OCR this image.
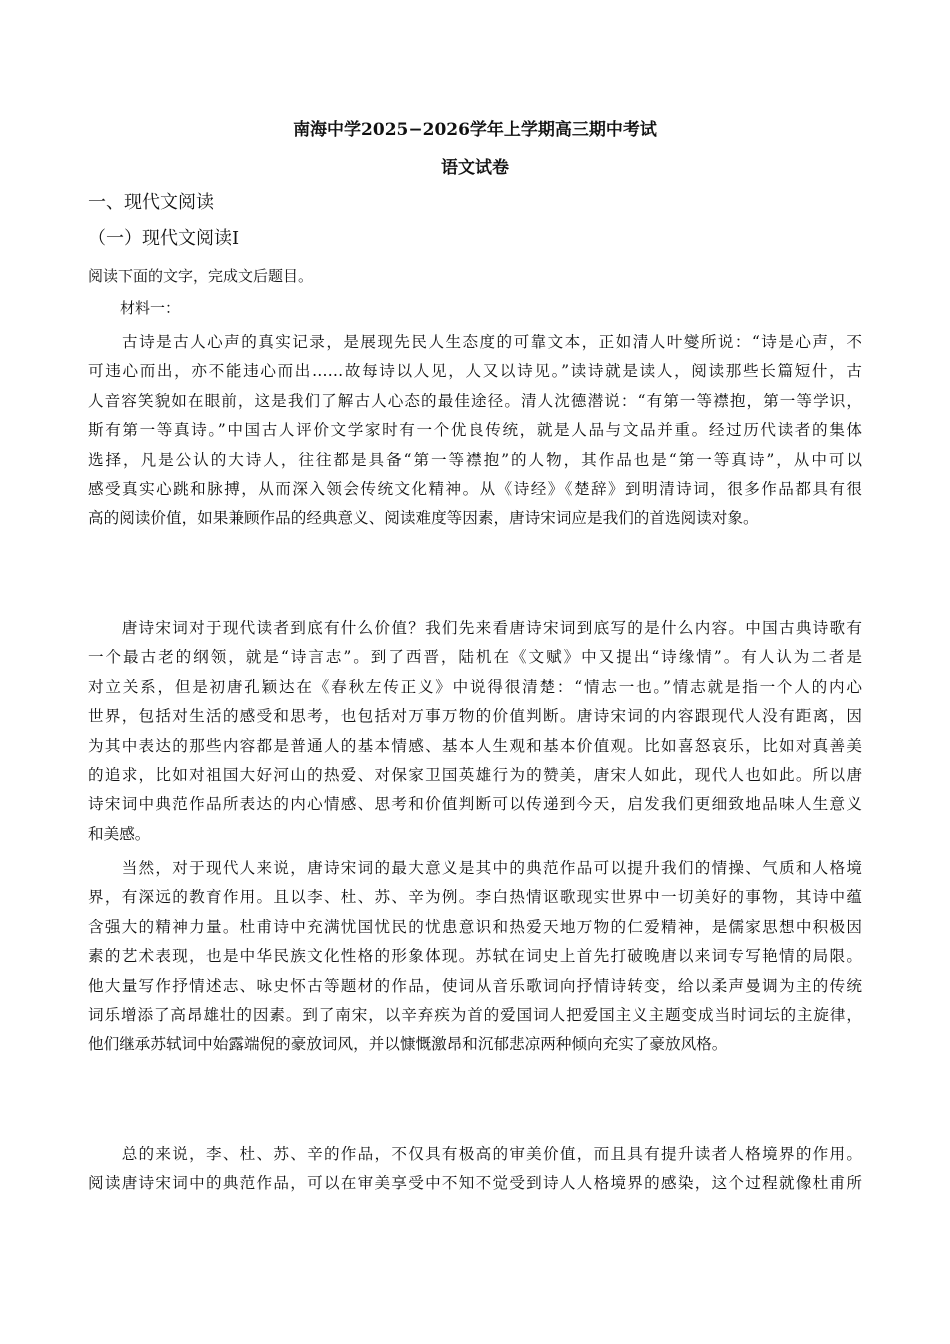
南海中学2025−2026学年上学期高三期中考试
语文试卷
一、现代文阅读
（一）现代文阅读Ⅰ
阅读下面的文字，完成文后题目。
材料一：
　　古诗是古人心声的真实记录，是展现先民人生态度的可靠文本，正如清人叶燮所说：“诗是心声，不
可违心而出，亦不能违心而出……故每诗以人见，人又以诗见。”读诗就是读人，阅读那些长篇短什，古
人音容笑貌如在眼前，这是我们了解古人心态的最佳途径。清人沈德潜说：“有第一等襟抱，第一等学识，
斯有第一等真诗。”中国古人评价文学家时有一个优良传统，就是人品与文品并重。经过历代读者的集体
选择，凡是公认的大诗人，往往都是具备“第一等襟抱”的人物，其作品也是“第一等真诗”，从中可以
感受真实心跳和脉搏，从而深入领会传统文化精神。从《诗经》《楚辞》到明清诗词，很多作品都具有很
高的阅读价值，如果兼顾作品的经典意义、阅读难度等因素，唐诗宋词应是我们的首选阅读对象。
　　唐诗宋词对于现代读者到底有什么价值？我们先来看唐诗宋词到底写的是什么内容。中国古典诗歌有
一个最古老的纲领，就是“诗言志”。到了西晋，陆机在《文赋》中又提出“诗缘情”。有人认为二者是
对立关系，但是初唐孔颖达在《春秋左传正义》中说得很清楚：“情志一也。”情志就是指一个人的内心
世界，包括对生活的感受和思考，也包括对万事万物的价值判断。唐诗宋词的内容跟现代人没有距离，因
为其中表达的那些内容都是普通人的基本情感、基本人生观和基本价值观。比如喜怒哀乐，比如对真善美
的追求，比如对祖国大好河山的热爱、对保家卫国英雄行为的赞美，唐宋人如此，现代人也如此。所以唐
诗宋词中典范作品所表达的内心情感、思考和价值判断可以传递到今天，启发我们更细致地品味人生意义
和美感。
　　当然，对于现代人来说，唐诗宋词的最大意义是其中的典范作品可以提升我们的情操、气质和人格境
界，有深远的教育作用。且以李、杜、苏、辛为例。李白热情讴歌现实世界中一切美好的事物，其诗中蕴
含强大的精神力量。杜甫诗中充满忧国忧民的忧患意识和热爱天地万物的仁爱精神，是儒家思想中积极因
素的艺术表现，也是中华民族文化性格的形象体现。苏轼在词史上首先打破晚唐以来词专写艳情的局限。
他大量写作抒情述志、咏史怀古等题材的作品，使词从音乐歌词向抒情诗转变，给以柔声曼调为主的传统
词乐增添了高昂雄壮的因素。到了南宋，以辛弃疾为首的爱国词人把爱国主义主题变成当时词坛的主旋律，
他们继承苏轼词中始露端倪的豪放词风，并以慷慨激昂和沉郁悲凉两种倾向充实了豪放风格。
　　总的来说，李、杜、苏、辛的作品，不仅具有极高的审美价值，而且具有提升读者人格境界的作用。
阅读唐诗宋词中的典范作品，可以在审美享受中不知不觉受到诗人人格境界的感染，这个过程就像杜甫所
